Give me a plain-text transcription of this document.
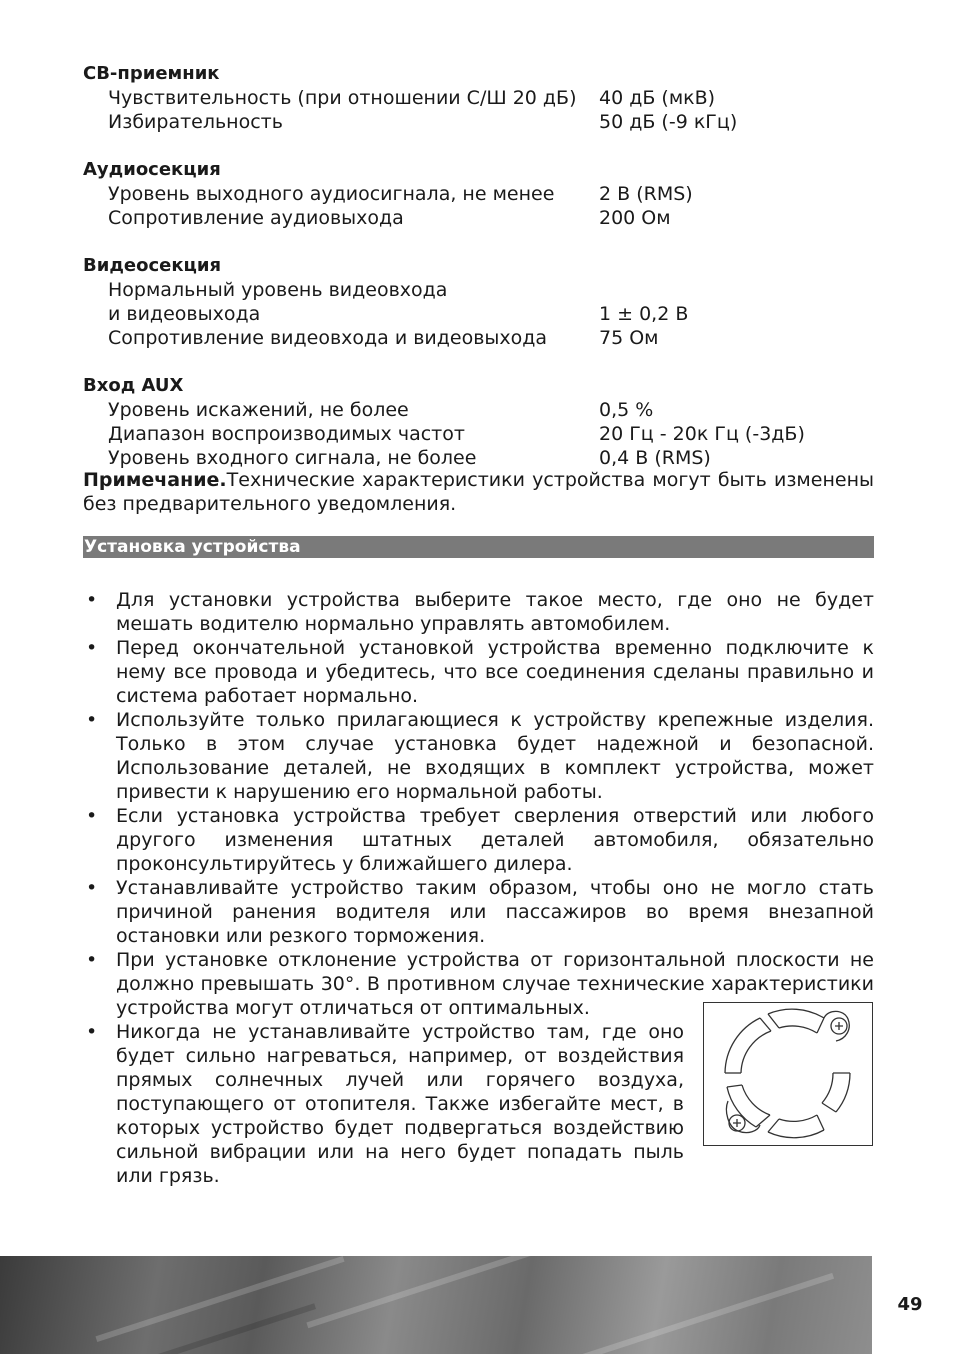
CB-приемник
Чувствительность (при отношении С/Ш 20 дБ) 40 дБ (мкВ)
Избирательность	50 дБ (-9 кГц)
Аудиосекция
Уровень выходного аудиосигнала, не менее 2 В (RMS)
Сопротивление аудиовыхода	200 Ом
Видеосекция
Нормальный уровень видеовхода
и видеовыхода	1 ± 0,2 В
Сопротивление видеовхода и видеовыхода	75 Ом
Вход AUX
Уровень искажений, не более	0,5 %
Диапазон воспроизводимых частот	20 Гц - 20к Гц (-3дБ)
Уровень входного сигнала, не более	0,4 В (RMS)
Примечание.Технические характеристики устройства могут быть изменены без предварительного уведомления.
Установка устройства
• Для установки устройства выберите такое место, где оно не будет мешать водителю нормально управлять автомобилем.
• Перед окончательной установкой устройства временно подключите к нему все провода и убедитесь, что все соединения сделаны правильно и система работает нормально.
• Используйте только прилагающиеся к устройству крепежные изделия. Только в этом случае установка будет надежной и безопасной. Использование деталей, не входящих в комплект устройства, может привести к нарушению его нормальной работы.
• Если установка устройства требует сверления отверстий или любого другого изменения штатных деталей автомобиля, обязательно проконсультируйтесь у ближайшего дилера.
• Устанавливайте устройство таким образом, чтобы оно не могло стать причиной ранения водителя или пассажиров во время внезапной остановки или резкого торможения.
• При установке отклонение устройства от горизонтальной плоскости не должно превышать 30°. В противном случае технические характеристики устройства могут отличаться от оптимальных.
• Никогда не устанавливайте устройство там, где оно будет сильно нагреваться, например, от воздействия прямых солнечных лучей или горячего воздуха, поступающего от отопителя. Также избегайте мест, в которых устройство будет подвергаться воздействию сильной вибрации или на него будет попадать пыль или грязь.
49
